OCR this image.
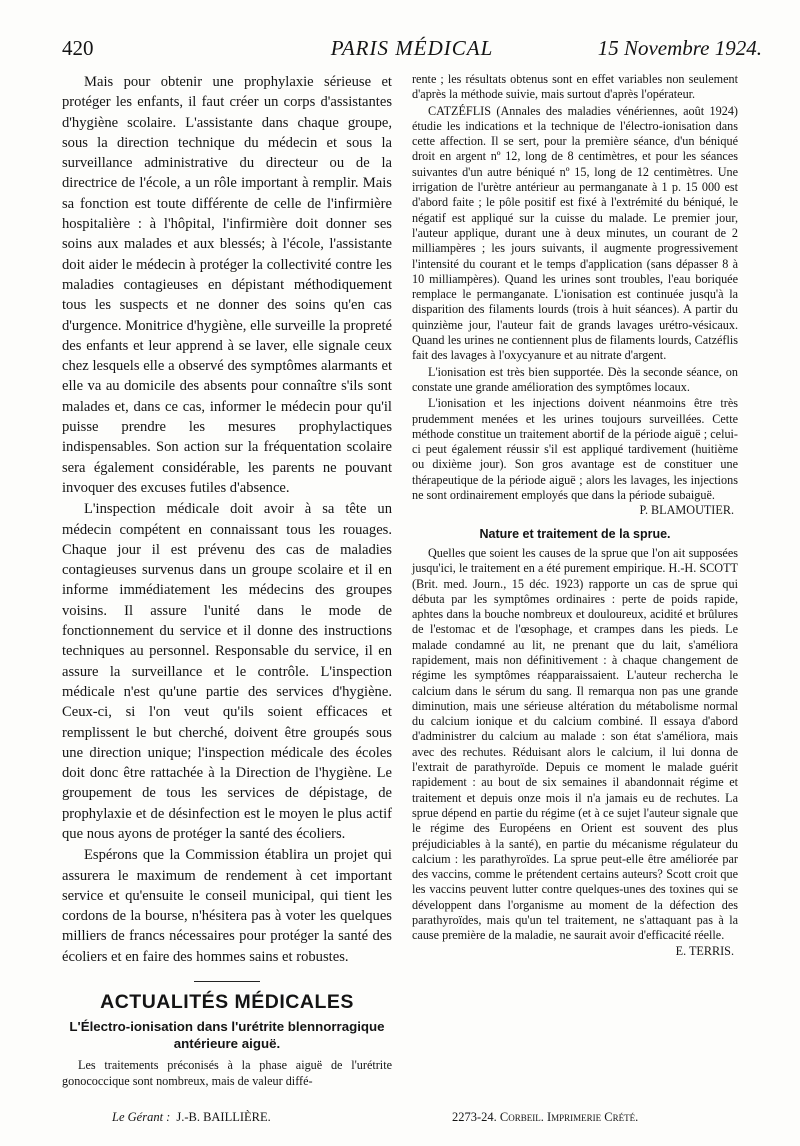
420	PARIS MÉDICAL	15 Novembre 1924.

Mais pour obtenir une prophylaxie sérieuse et protéger les enfants, il faut créer un corps d'assistantes d'hygiène scolaire. L'assistante dans chaque groupe, sous la direction technique du médecin et sous la surveillance administrative du directeur ou de la directrice de l'école, a un rôle important à remplir. Mais sa fonction est toute différente de celle de l'infirmière hospitalière : à l'hôpital, l'infirmière doit donner ses soins aux malades et aux blessés; à l'école, l'assistante doit aider le médecin à protéger la collectivité contre les maladies contagieuses en dépistant méthodiquement tous les suspects et ne donner des soins qu'en cas d'urgence. Monitrice d'hygiène, elle surveille la propreté des enfants et leur apprend à se laver, elle signale ceux chez lesquels elle a observé des symptômes alarmants et elle va au domicile des absents pour connaître s'ils sont malades et, dans ce cas, informer le médecin pour qu'il puisse prendre les mesures prophylactiques indispensables. Son action sur la fréquentation scolaire sera également considérable, les parents ne pouvant invoquer des excuses futiles d'absence.

L'inspection médicale doit avoir à sa tête un médecin compétent en connaissant tous les rouages. Chaque jour il est prévenu des cas de maladies contagieuses survenus dans un groupe scolaire et il en informe immédiatement les médecins des groupes voisins. Il assure l'unité dans le mode de fonctionnement du service et il donne des instructions techniques au personnel. Responsable du service, il en assure la surveillance et le contrôle. L'inspection médicale n'est qu'une partie des services d'hygiène. Ceux-ci, si l'on veut qu'ils soient efficaces et remplissent le but cherché, doivent être groupés sous une direction unique; l'inspection médicale des écoles doit donc être rattachée à la Direction de l'hygiène. Le groupement de tous les services de dépistage, de prophylaxie et de désinfection est le moyen le plus actif que nous ayons de protéger la santé des écoliers.

Espérons que la Commission établira un projet qui assurera le maximum de rendement à cet important service et qu'ensuite le conseil municipal, qui tient les cordons de la bourse, n'hésitera pas à voter les quelques milliers de francs nécessaires pour protéger la santé des écoliers et en faire des hommes sains et robustes.

ACTUALITÉS MÉDICALES
L'Électro-ionisation dans l'urétrite blennorragique antérieure aiguë.

Les traitements préconisés à la phase aiguë de l'urétrite gonococcique sont nombreux, mais de valeur diffé-

rente ; les résultats obtenus sont en effet variables non seulement d'après la méthode suivie, mais surtout d'après l'opérateur.

CATZÉFLIS (Annales des maladies vénériennes, août 1924) étudie les indications et la technique de l'électro-ionisation dans cette affection. Il se sert, pour la première séance, d'un béniqué droit en argent nº 12, long de 8 centimètres, et pour les séances suivantes d'un autre béniqué nº 15, long de 12 centimètres. Une irrigation de l'urètre antérieur au permanganate à 1 p. 15 000 est d'abord faite ; le pôle positif est fixé à l'extrémité du béniqué, le négatif est appliqué sur la cuisse du malade. Le premier jour, l'auteur applique, durant une à deux minutes, un courant de 2 milliampères ; les jours suivants, il augmente progressivement l'intensité du courant et le temps d'application (sans dépasser 8 à 10 milliampères). Quand les urines sont troubles, l'eau boriquée remplace le permanganate. L'ionisation est continuée jusqu'à la disparition des filaments lourds (trois à huit séances). A partir du quinzième jour, l'auteur fait de grands lavages urétro-vésicaux. Quand les urines ne contiennent plus de filaments lourds, Catzéflis fait des lavages à l'oxycyanure et au nitrate d'argent.

L'ionisation est très bien supportée. Dès la seconde séance, on constate une grande amélioration des symptômes locaux.

L'ionisation et les injections doivent néanmoins être très prudemment menées et les urines toujours surveillées. Cette méthode constitue un traitement abortif de la période aiguë ; celui-ci peut également réussir s'il est appliqué tardivement (huitième ou dixième jour). Son gros avantage est de constituer une thérapeutique de la période aiguë ; alors les lavages, les injections ne sont ordinairement employés que dans la période subaiguë.

P. BLAMOUTIER.
Nature et traitement de la sprue.

Quelles que soient les causes de la sprue que l'on ait supposées jusqu'ici, le traitement en a été purement empirique. H.-H. SCOTT (Brit. med. Journ., 15 déc. 1923) rapporte un cas de sprue qui débuta par les symptômes ordinaires : perte de poids rapide, aphtes dans la bouche nombreux et douloureux, acidité et brûlures de l'estomac et de l'œsophage, et crampes dans les pieds. Le malade condamné au lit, ne prenant que du lait, s'améliora rapidement, mais non définitivement : à chaque changement de régime les symptômes réapparaissaient. L'auteur rechercha le calcium dans le sérum du sang. Il remarqua non pas une grande diminution, mais une sérieuse altération du métabolisme normal du calcium ionique et du calcium combiné. Il essaya d'abord d'administrer du calcium au malade : son état s'améliora, mais avec des rechutes. Réduisant alors le calcium, il lui donna de l'extrait de parathyroïde. Depuis ce moment le malade guérit rapidement : au bout de six semaines il abandonnait régime et traitement et depuis onze mois il n'a jamais eu de rechutes. La sprue dépend en partie du régime (et à ce sujet l'auteur signale que le régime des Européens en Orient est souvent des plus préjudiciables à la santé), en partie du mécanisme régulateur du calcium : les parathyroïdes. La sprue peut-elle être améliorée par des vaccins, comme le prétendent certains auteurs? Scott croit que les vaccins peuvent lutter contre quelques-unes des toxines qui se développent dans l'organisme au moment de la défection des parathyroïdes, mais qu'un tel traitement, ne s'attaquant pas à la cause première de la maladie, ne saurait avoir d'efficacité réelle.

E. TERRIS.
Le Gérant : J.-B. BAILLIÈRE.	2273-24. Corbeil. Imprimerie Crété.
